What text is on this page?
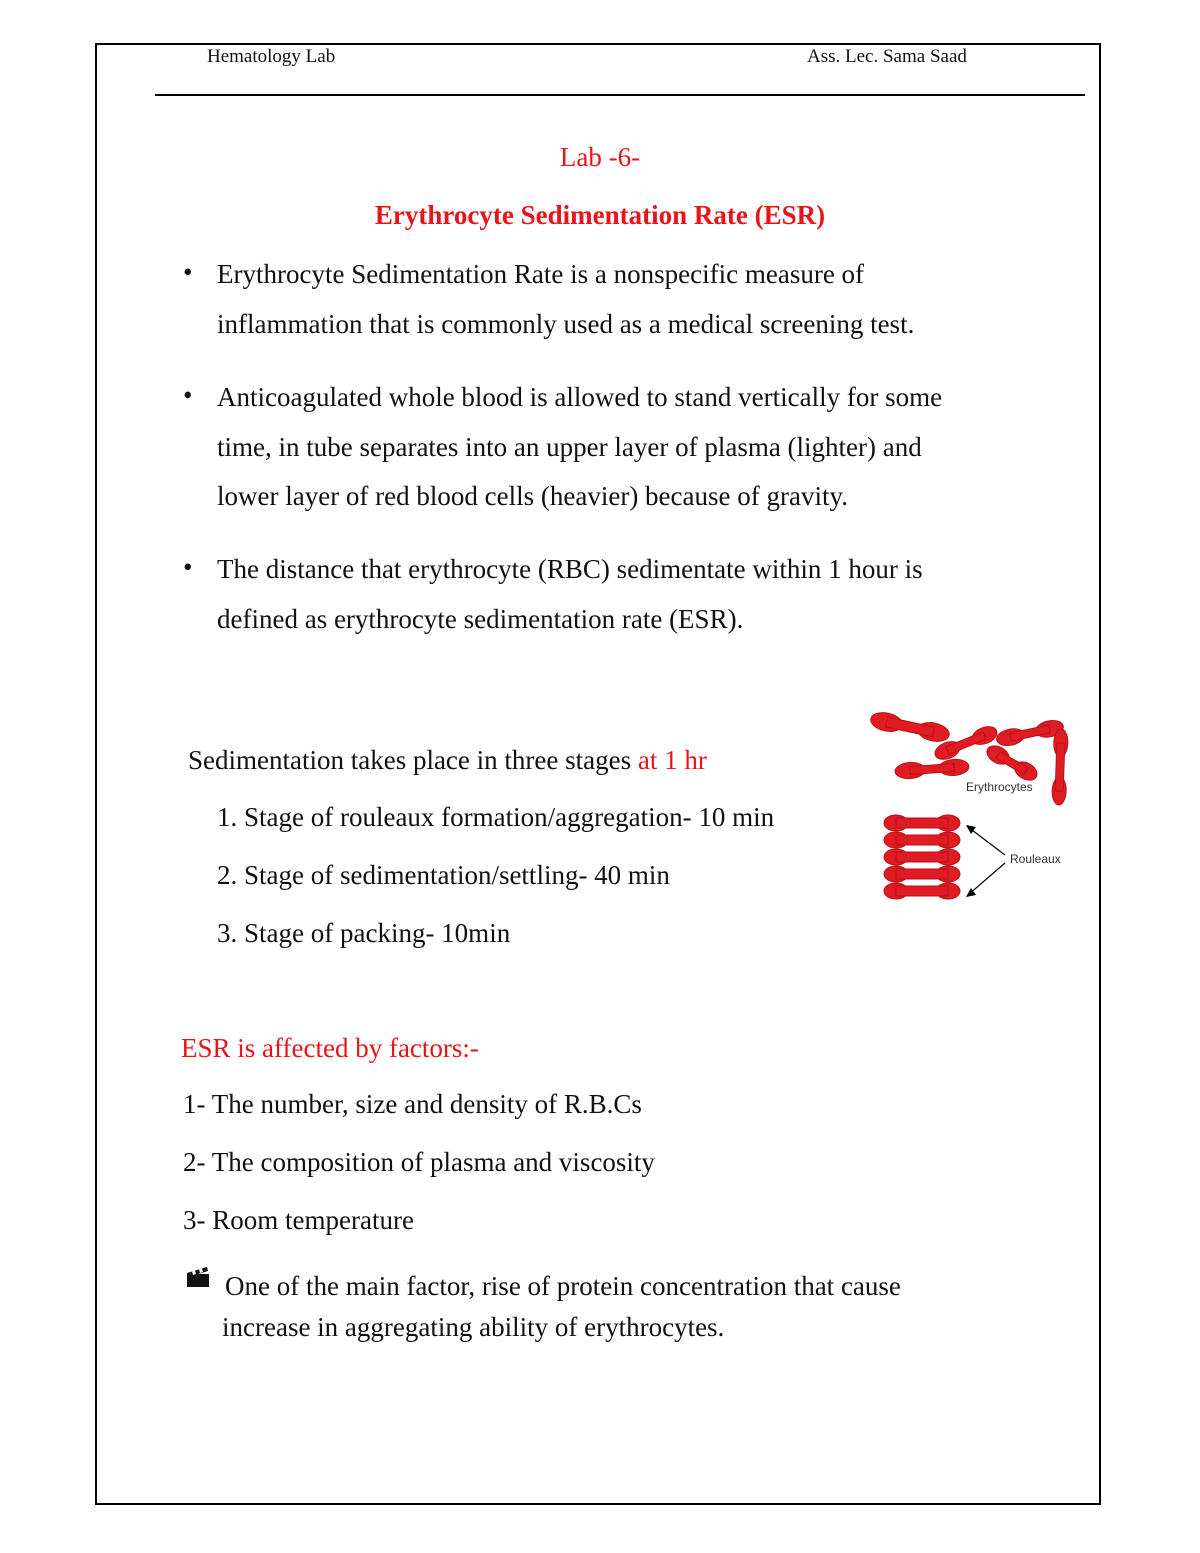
Hematology Lab	Ass. Lec. Sama Saad
Lab -6-
Erythrocyte Sedimentation Rate (ESR)
• Erythrocyte Sedimentation Rate is a nonspecific measure of
inflammation that is commonly used as a medical screening test.
• Anticoagulated whole blood is allowed to stand vertically for some
time, in tube separates into an upper layer of plasma (lighter) and
lower layer of red blood cells (heavier) because of gravity.
• The distance that erythrocyte (RBC) sedimentate within 1 hour is
defined as erythrocyte sedimentation rate (ESR).
Sedimentation takes place in three stages at 1 hr
1. Stage of rouleaux formation/aggregation- 10 min
2. Stage of sedimentation/settling- 40 min
3. Stage of packing- 10min
Erythrocytes
Rouleaux
ESR is affected by factors:-
1- The number, size and density of R.B.Cs
2- The composition of plasma and viscosity
3- Room temperature
One of the main factor, rise of protein concentration that cause
increase in aggregating ability of erythrocytes.
